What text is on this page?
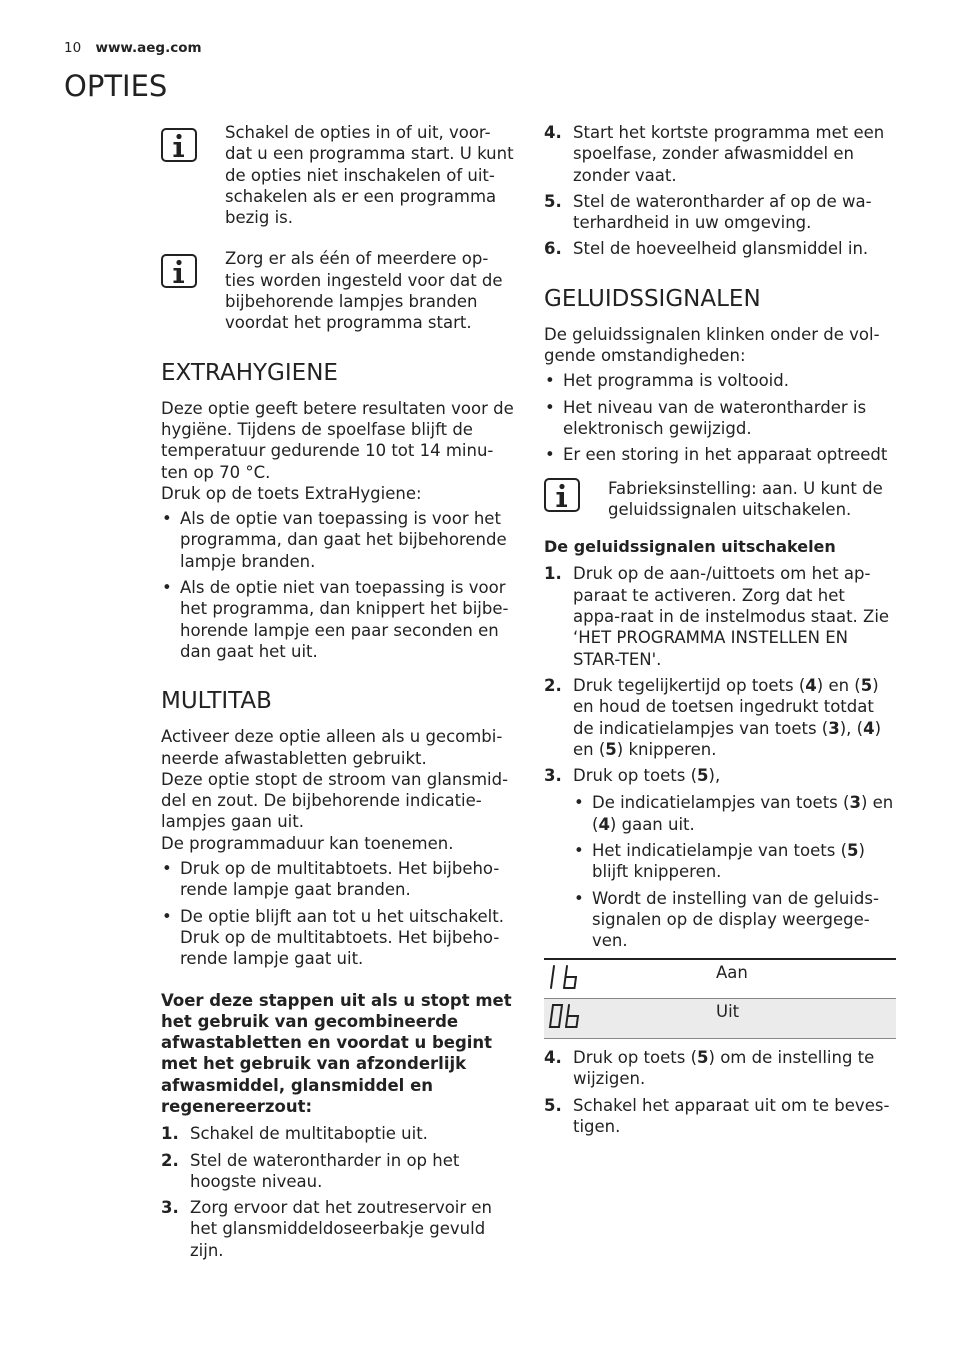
10 www.aeg.com
OPTIES

Schakel de opties in of uit, voor-dat u een programma start. U kunt de opties niet inschakelen of uit-schakelen als er een programma bezig is.

Zorg er als één of meerdere op-ties worden ingesteld voor dat de bijbehorende lampjes branden voordat het programma start.

EXTRAHYGIENE

Deze optie geeft betere resultaten voor de hygiëne. Tijdens de spoelfase blijft de temperatuur gedurende 10 tot 14 minu-ten op 70 °C.

Druk op de toets ExtraHygiene:

• Als de optie van toepassing is voor het programma, dan gaat het bijbehorende lampje branden.
• Als de optie niet van toepassing is voor het programma, dan knippert het bijbe-horende lampje een paar seconden en dan gaat het uit.
MULTITAB

Activeer deze optie alleen als u gecombi-neerde afwastabletten gebruikt.

Deze optie stopt de stroom van glansmid-del en zout. De bijbehorende indicatie-lampjes gaan uit.

De programmaduur kan toenemen.

• Druk op de multitabtoets. Het bijbeho-rende lampje gaat branden.
• De optie blijft aan tot u het uitschakelt. Druk op de multitabtoets. Het bijbeho-rende lampje gaat uit.

Voer deze stappen uit als u stopt met het gebruik van gecombineerde afwastabletten en voordat u begint met het gebruik van afzonderlijk afwasmiddel, glansmiddel en regenereerzout:

1. Schakel de multitaboptie uit.
2. Stel de waterontharder in op het hoogste niveau.
3. Zorg ervoor dat het zoutreservoir en het glansmiddeldoseerbakje gevuld zijn.
4. Start het kortste programma met een spoelfase, zonder afwasmiddel en zonder vaat.
5. Stel de waterontharder af op de wa-terhardheid in uw omgeving.
6. Stel de hoeveelheid glansmiddel in.
GELUIDSSIGNALEN

De geluidssignalen klinken onder de vol-gende omstandigheden:

• Het programma is voltooid.
• Het niveau van de waterontharder is elektronisch gewijzigd.
• Er een storing in het apparaat optreedt

Fabrieksinstelling: aan. U kunt de geluidssignalen uitschakelen.

De geluidssignalen uitschakelen

1. Druk op de aan-/uittoets om het ap-paraat te activeren. Zorg dat het appa-raat in de instelmodus staat. Zie ‘HET PROGRAMMA INSTELLEN EN STAR-TEN'.
2. Druk tegelijkertijd op toets (4) en (5) en houd de toetsen ingedrukt totdat de indicatielampjes van toets (3), (4) en (5) knipperen.
3. Druk op toets (5),
• De indicatielampjes van toets (3) en (4) gaan uit.
• Het indicatielampje van toets (5) blijft knipperen.
• Wordt de instelling van de geluids-signalen op de display weergege-ven.
	Aan

	Uit
4. Druk op toets (5) om de instelling te wijzigen.
5. Schakel het apparaat uit om te beves-tigen.
